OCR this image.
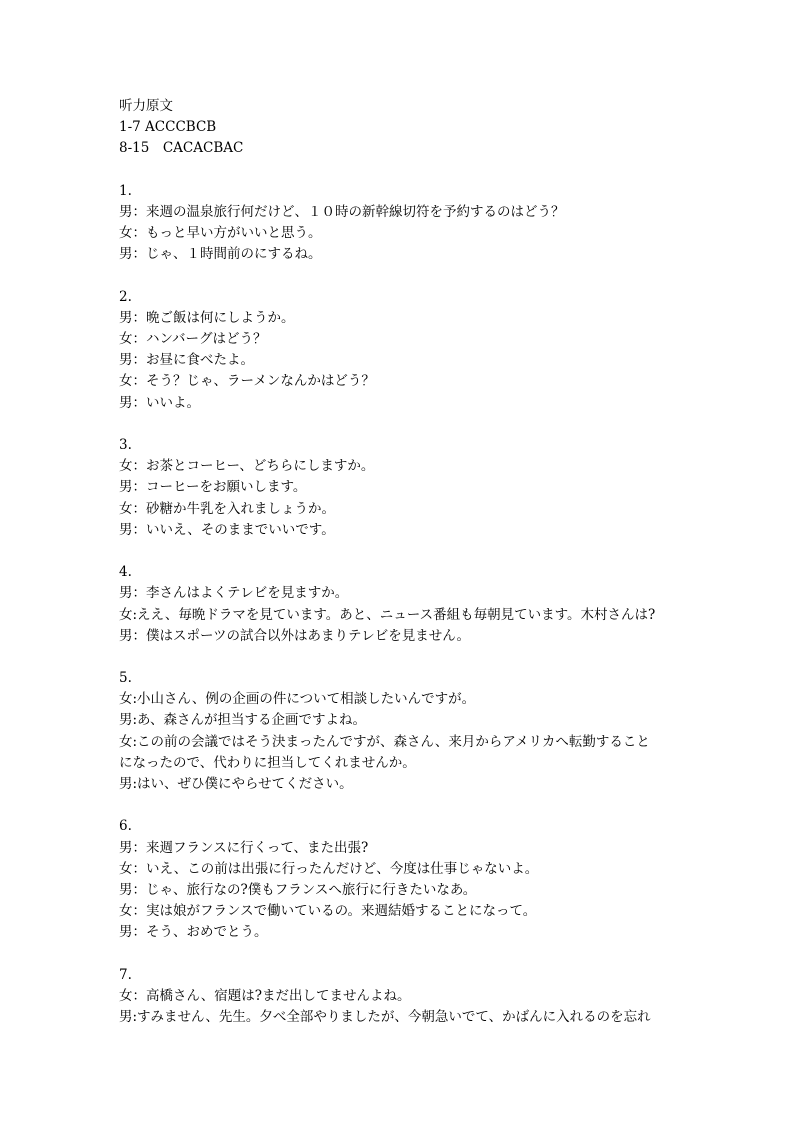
听力原文
1-7 ACCCBCB
8-15　CACACBAC
1.
男：来週の温泉旅行何だけど、１０時の新幹線切符を予約するのはどう？
女：もっと早い方がいいと思う。
男：じゃ、１時間前のにするね。
2.
男：晩ご飯は何にしようか。
女：ハンバーグはどう？
男：お昼に食べたよ。
女：そう？じゃ、ラーメンなんかはどう？
男：いいよ。
3.
女：お茶とコーヒー、どちらにしますか。
男：コーヒーをお願いします。
女：砂糖か牛乳を入れましょうか。
男：いいえ、そのままでいいです。
4.
男：李さんはよくテレビを見ますか。
女:ええ、毎晩ドラマを見ています。あと、ニュース番組も毎朝見ています。木村さんは?
男：僕はスポーツの試合以外はあまりテレビを見ません。
5.
女:小山さん、例の企画の件について相談したいんですが。
男:あ、森さんが担当する企画ですよね。
女:この前の会議ではそう決まったんですが、森さん、来月からアメリカへ転勤すること
になったので、代わりに担当してくれませんか。
男:はい、ぜひ僕にやらせてください。
6.
男：来週フランスに行くって、また出張?
女：いえ、この前は出張に行ったんだけど、今度は仕事じゃないよ。
男：じゃ、旅行なの?僕もフランスへ旅行に行きたいなあ。
女：実は娘がフランスで働いているの。来週結婚することになって。
男：そう、おめでとう。
7.
女：高橋さん、宿題は?まだ出してませんよね。
男:すみません、先生。夕べ全部やりましたが、今朝急いでて、かばんに入れるのを忘れ
